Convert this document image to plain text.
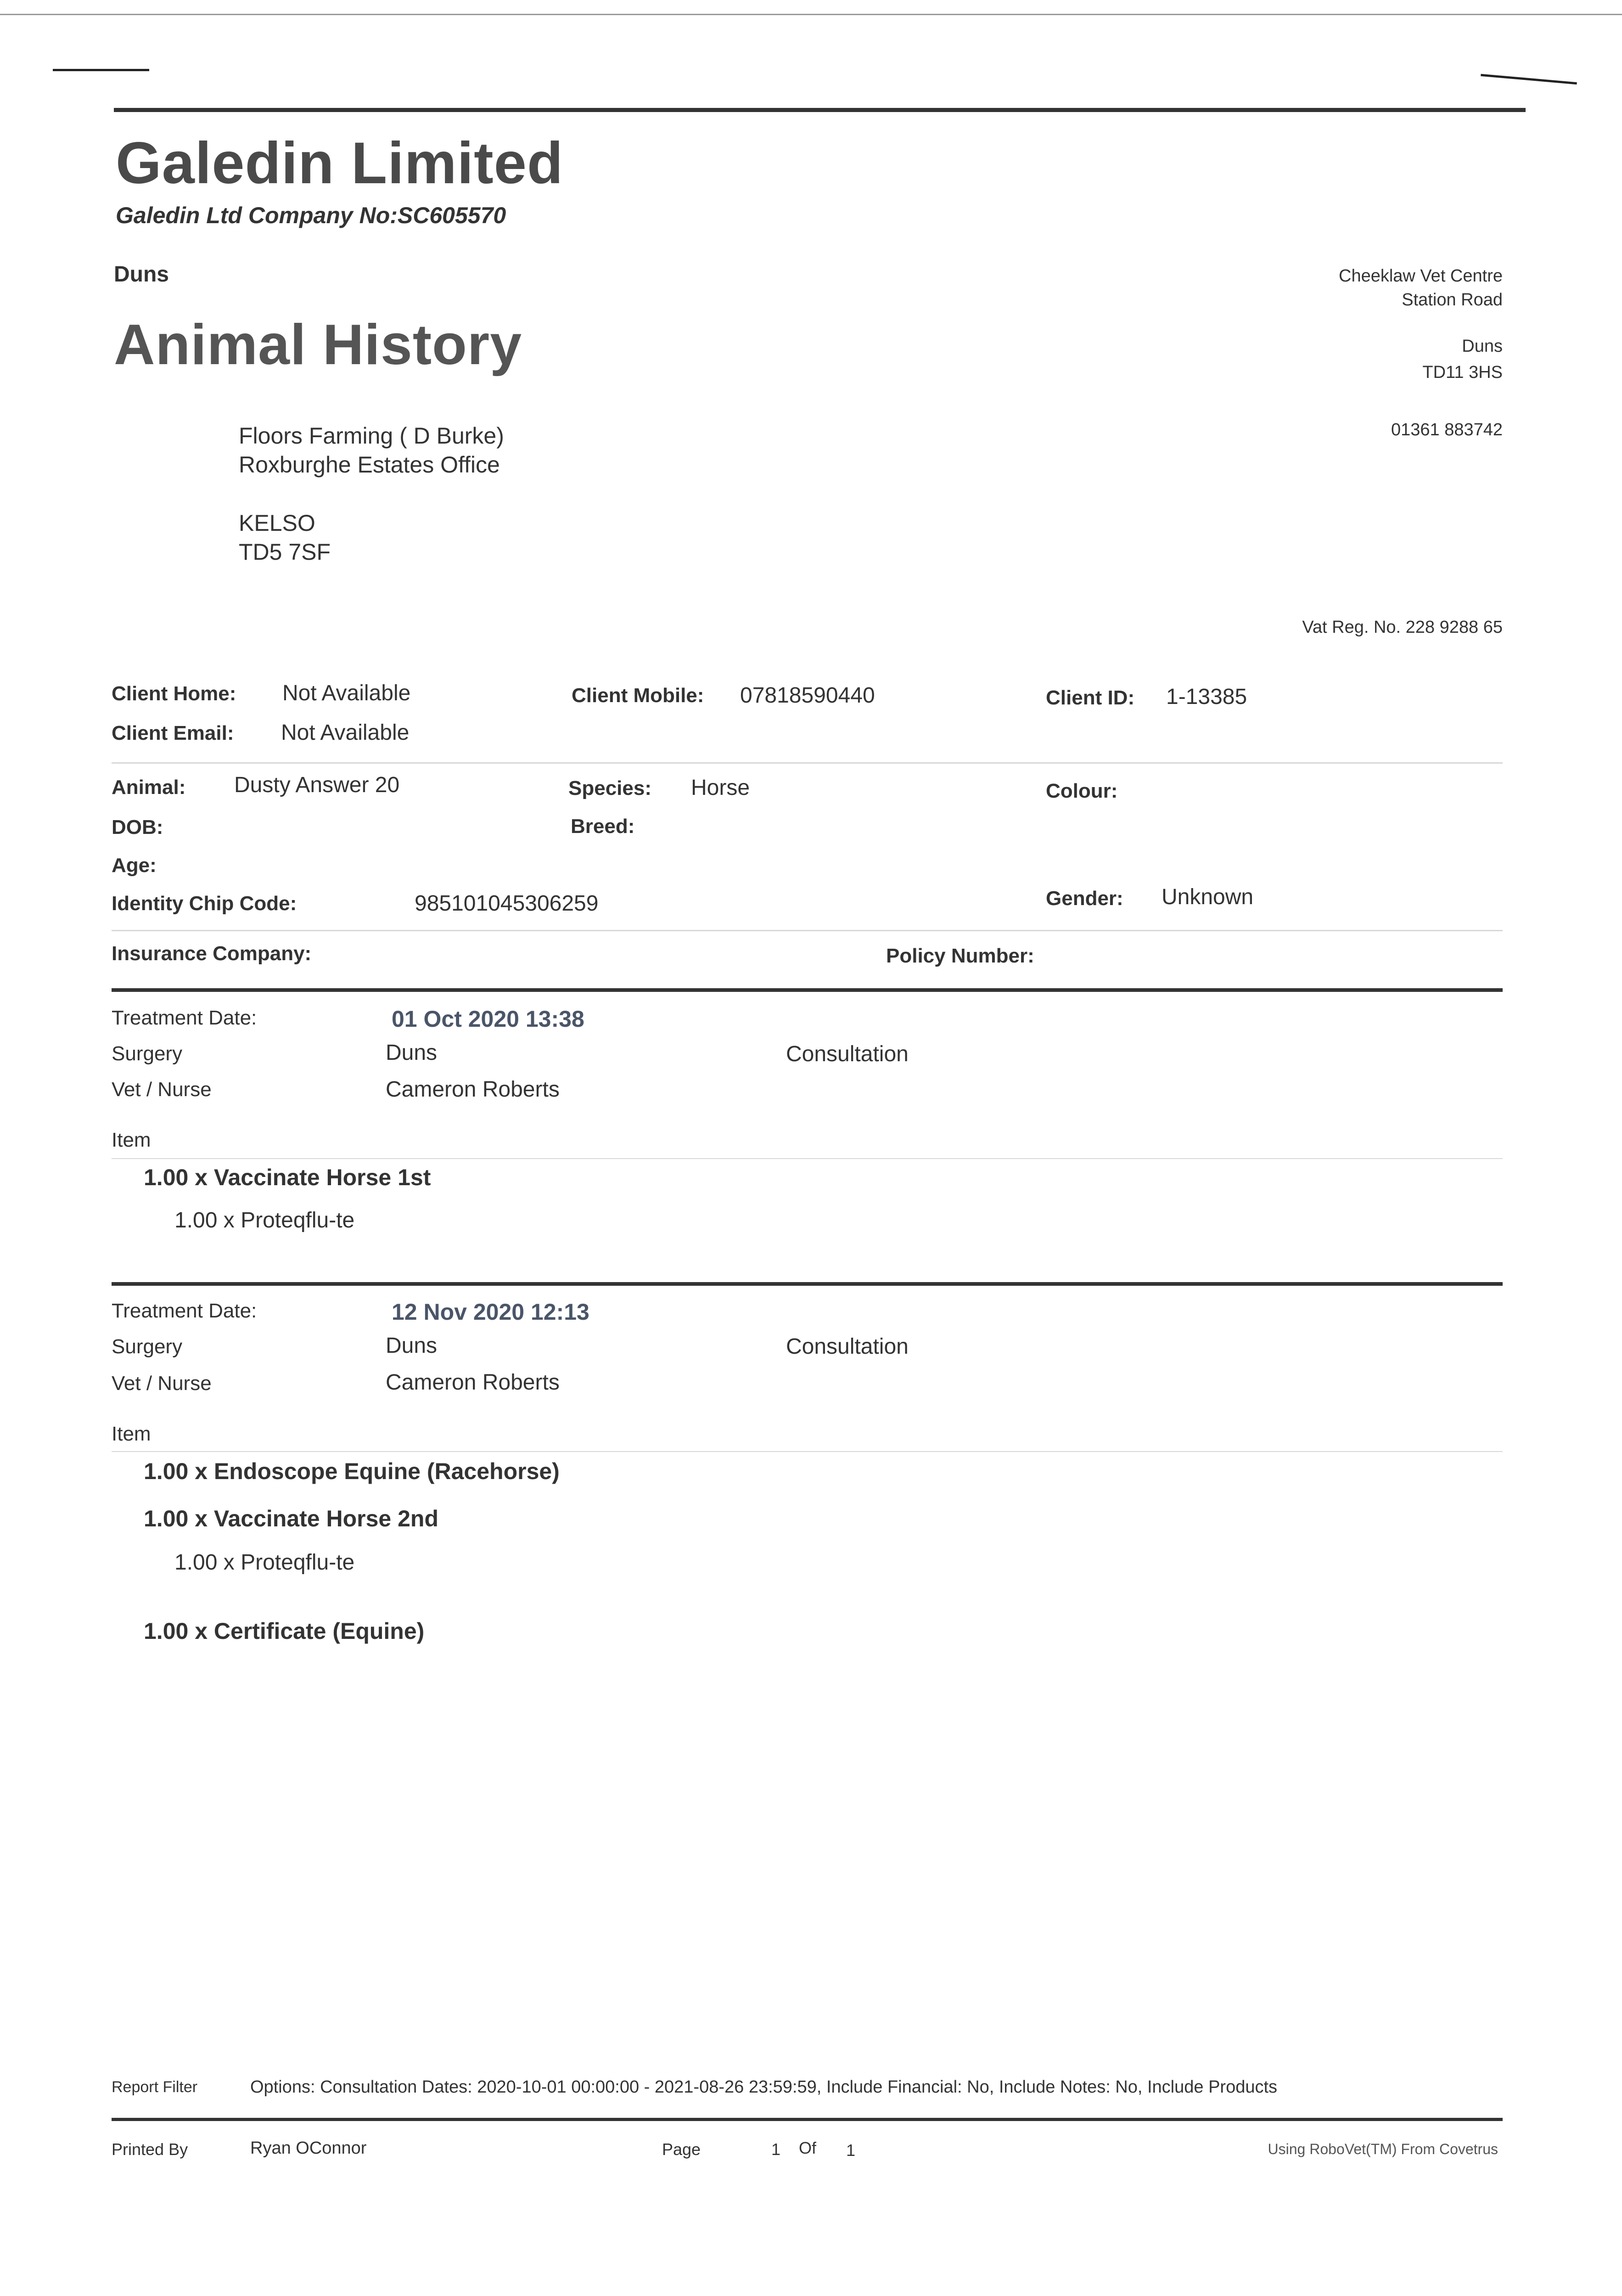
Galedin Limited
Galedin Ltd Company No:SC605570
Duns
Animal History
Cheeklaw Vet Centre
Station Road
Duns
TD11 3HS
01361 883742
Vat Reg. No. 228 9288 65
Floors Farming ( D Burke)
Roxburghe Estates Office
KELSO
TD5 7SF
Client Home: Not Available	Client Mobile: 07818590440	Client ID: 1-13385
Client Email: Not Available
Animal: Dusty Answer 20	Species: Horse	Colour:
DOB:	Breed:
Age:
Identity Chip Code:	985101045306259	Gender: Unknown
Insurance Company:	Policy Number:
Treatment Date:	01 Oct 2020 13:38
Surgery	Duns	Consultation
Vet / Nurse	Cameron Roberts
Item
1.00 x Vaccinate Horse 1st
1.00 x Proteqflu-te
Treatment Date:	12 Nov 2020 12:13
Surgery	Duns	Consultation
Vet / Nurse	Cameron Roberts
Item
1.00 x Endoscope Equine (Racehorse)
1.00 x Vaccinate Horse 2nd
1.00 x Proteqflu-te
1.00 x Certificate (Equine)
Report Filter	Options: Consultation Dates: 2020-10-01 00:00:00 - 2021-08-26 23:59:59, Include Financial: No, Include Notes: No, Include Products
Printed By	Ryan OConnor	Page	1 Of 1	Using RoboVet(TM) From Covetrus
